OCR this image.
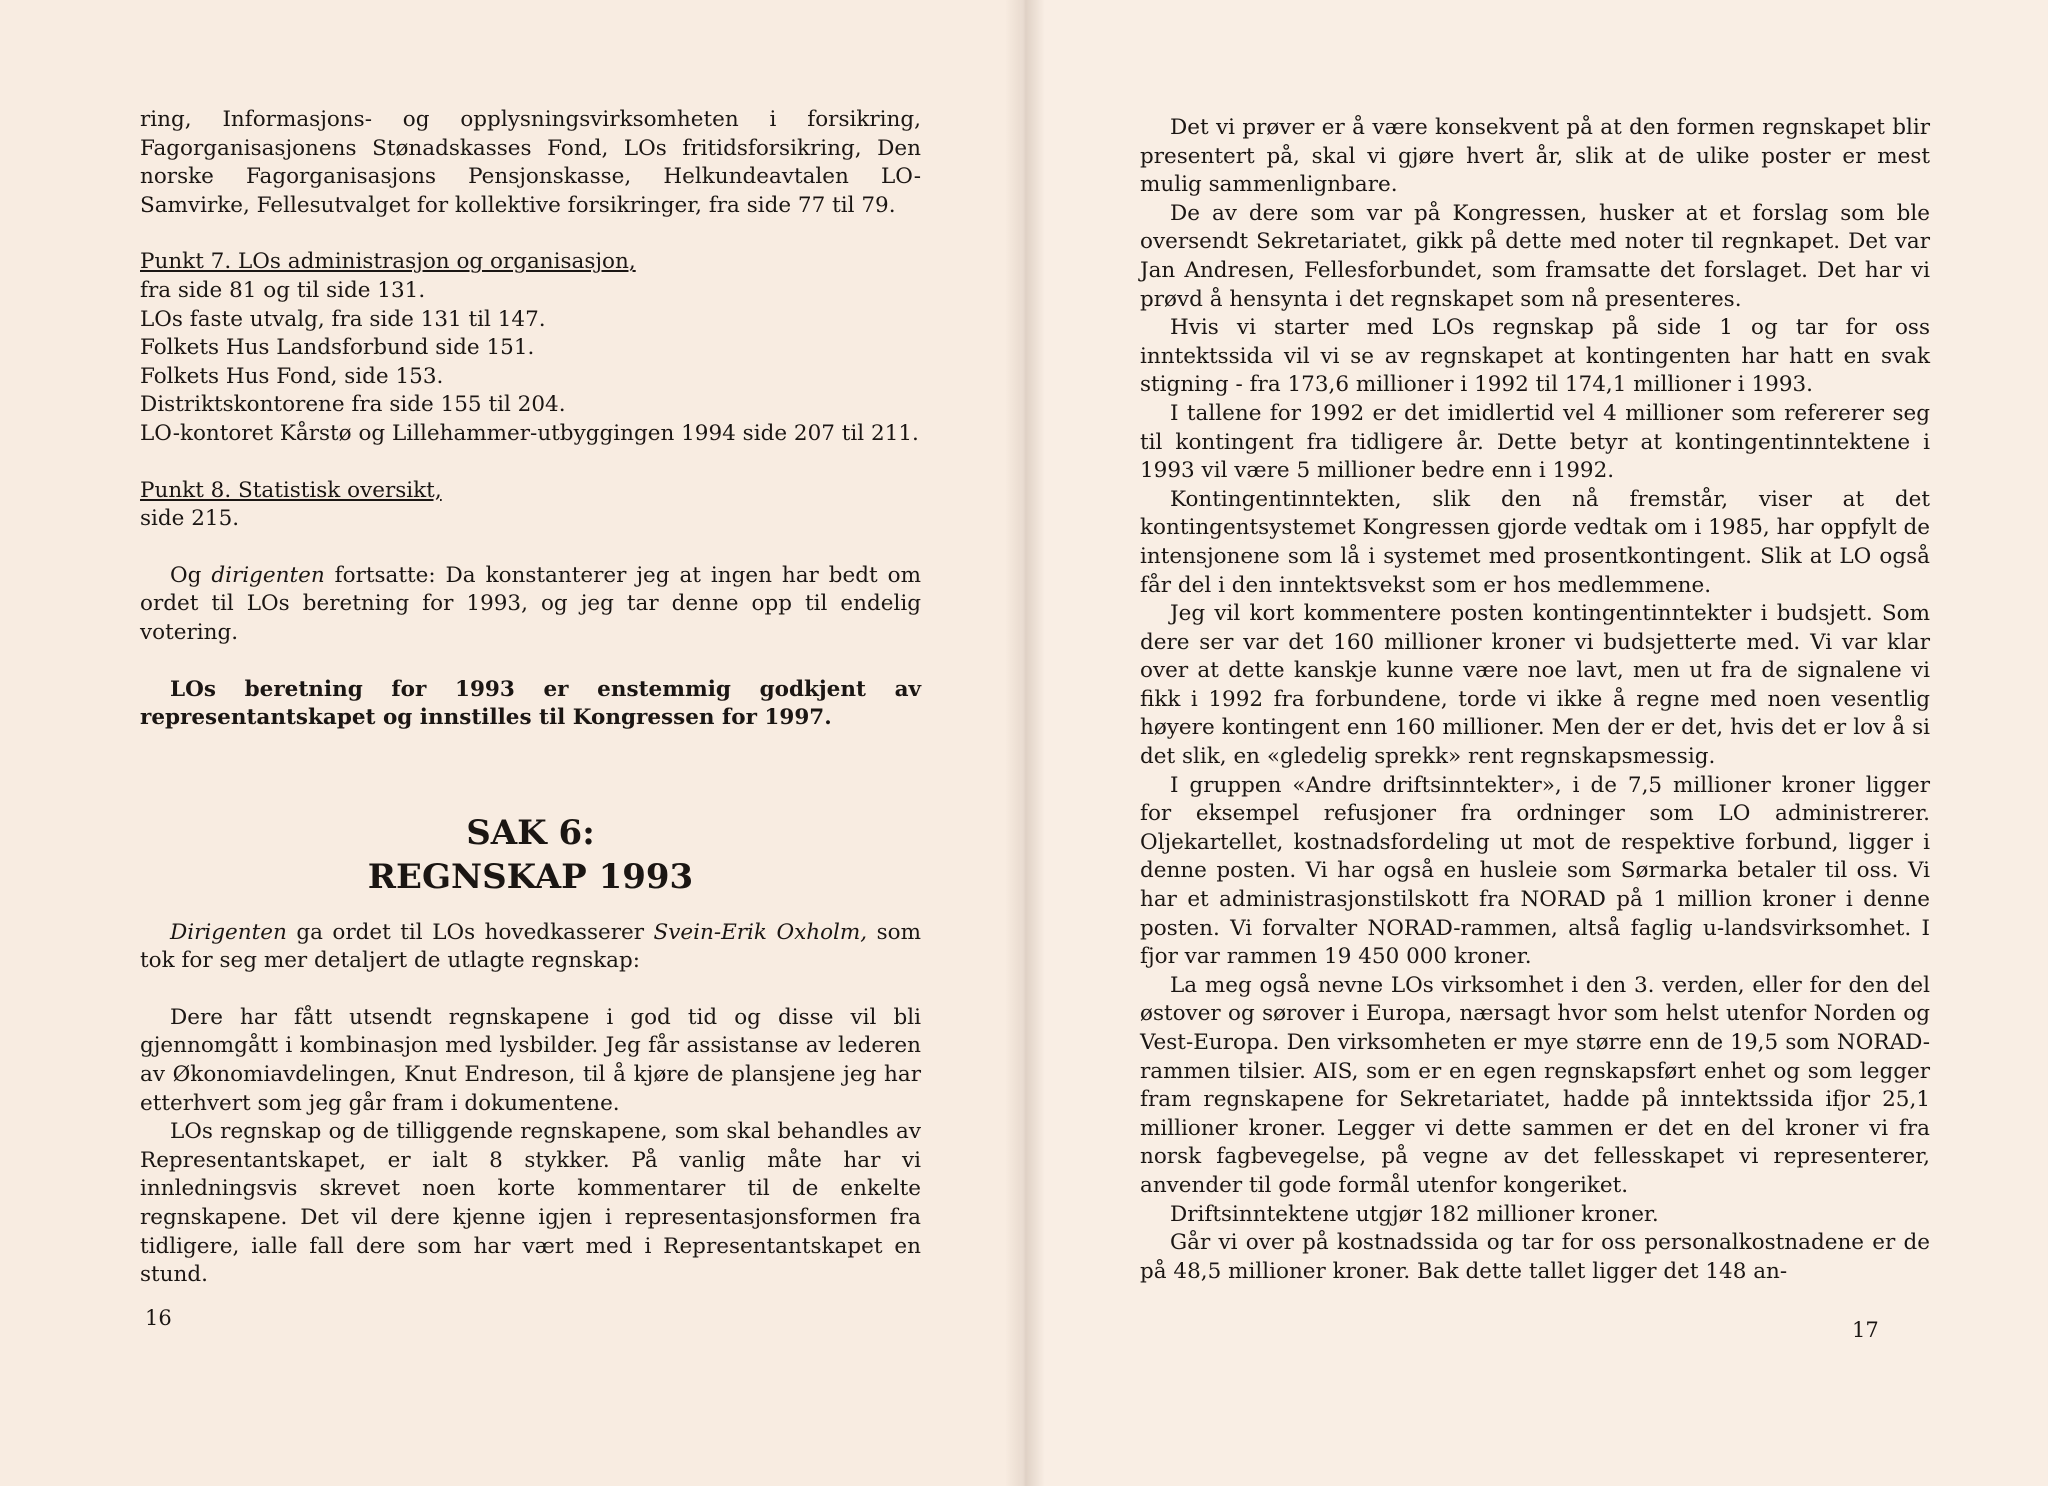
ring, Informasjons- og opplysningsvirksomheten i forsikring, Fagorganisasjonens Stønadskasses Fond, LOs fritidsforsikring, Den norske Fagorganisasjons Pensjonskasse, Helkundeavtalen LO-Samvirke, Fellesutvalget for kollektive forsikringer, fra side 77 til 79.

Punkt 7. LOs administrasjon og organisasjon,

fra side 81 og til side 131.

LOs faste utvalg, fra side 131 til 147.

Folkets Hus Landsforbund side 151.

Folkets Hus Fond, side 153.

Distriktskontorene fra side 155 til 204.

LO-kontoret Kårstø og Lillehammer-utbyggingen 1994 side 207 til 211.

Punkt 8. Statistisk oversikt,

side 215.

Og dirigenten fortsatte: Da konstanterer jeg at ingen har bedt om ordet til LOs beretning for 1993, og jeg tar denne opp til endelig votering.

LOs beretning for 1993 er enstemmig godkjent av representantskapet og innstilles til Kongressen for 1997.

SAK 6:

REGNSKAP 1993

Dirigenten ga ordet til LOs hovedkasserer Svein-Erik Oxholm, som tok for seg mer detaljert de utlagte regnskap:

Dere har fått utsendt regnskapene i god tid og disse vil bli gjennomgått i kombinasjon med lysbilder. Jeg får assistanse av lederen av Økonomiavdelingen, Knut Endreson, til å kjøre de plansjene jeg har etterhvert som jeg går fram i dokumentene.

LOs regnskap og de tilliggende regnskapene, som skal behandles av Representantskapet, er ialt 8 stykker. På vanlig måte har vi innledningsvis skrevet noen korte kommentarer til de enkelte regnskapene. Det vil dere kjenne igjen i representasjonsformen fra tidligere, ialle fall dere som har vært med i Representantskapet en stund.

16

Det vi prøver er å være konsekvent på at den formen regnskapet blir presentert på, skal vi gjøre hvert år, slik at de ulike poster er mest mulig sammenlignbare.

De av dere som var på Kongressen, husker at et forslag som ble oversendt Sekretariatet, gikk på dette med noter til regnkapet. Det var Jan Andresen, Fellesforbundet, som framsatte det forslaget. Det har vi prøvd å hensynta i det regnskapet som nå presenteres.

Hvis vi starter med LOs regnskap på side 1 og tar for oss inntektssida vil vi se av regnskapet at kontingenten har hatt en svak stigning - fra 173,6 millioner i 1992 til 174,1 millioner i 1993.

I tallene for 1992 er det imidlertid vel 4 millioner som refererer seg til kontingent fra tidligere år. Dette betyr at kontingentinntektene i 1993 vil være 5 millioner bedre enn i 1992.

Kontingentinntekten, slik den nå fremstår, viser at det kontingentsystemet Kongressen gjorde vedtak om i 1985, har oppfylt de intensjonene som lå i systemet med prosentkontingent. Slik at LO også får del i den inntektsvekst som er hos medlemmene.

Jeg vil kort kommentere posten kontingentinntekter i budsjett. Som dere ser var det 160 millioner kroner vi budsjetterte med. Vi var klar over at dette kanskje kunne være noe lavt, men ut fra de signalene vi fikk i 1992 fra forbundene, torde vi ikke å regne med noen vesentlig høyere kontingent enn 160 millioner. Men der er det, hvis det er lov å si det slik, en «gledelig sprekk» rent regnskapsmessig.

I gruppen «Andre driftsinntekter», i de 7,5 millioner kroner ligger for eksempel refusjoner fra ordninger som LO administrerer. Oljekartellet, kostnadsfordeling ut mot de respektive forbund, ligger i denne posten. Vi har også en husleie som Sørmarka betaler til oss. Vi har et administrasjonstilskott fra NORAD på 1 million kroner i denne posten. Vi forvalter NORAD-rammen, altså faglig u-landsvirksomhet. I fjor var rammen 19 450 000 kroner.

La meg også nevne LOs virksomhet i den 3. verden, eller for den del østover og sørover i Europa, nærsagt hvor som helst utenfor Norden og Vest-Europa. Den virksomheten er mye større enn de 19,5 som NORAD-rammen tilsier. AIS, som er en egen regnskapsført enhet og som legger fram regnskapene for Sekretariatet, hadde på inntektssida ifjor 25,1 millioner kroner. Legger vi dette sammen er det en del kroner vi fra norsk fagbevegelse, på vegne av det fellesskapet vi representerer, anvender til gode formål utenfor kongeriket.

Driftsinntektene utgjør 182 millioner kroner.

Går vi over på kostnadssida og tar for oss personalkostnadene er de på 48,5 millioner kroner. Bak dette tallet ligger det 148 an-

17
